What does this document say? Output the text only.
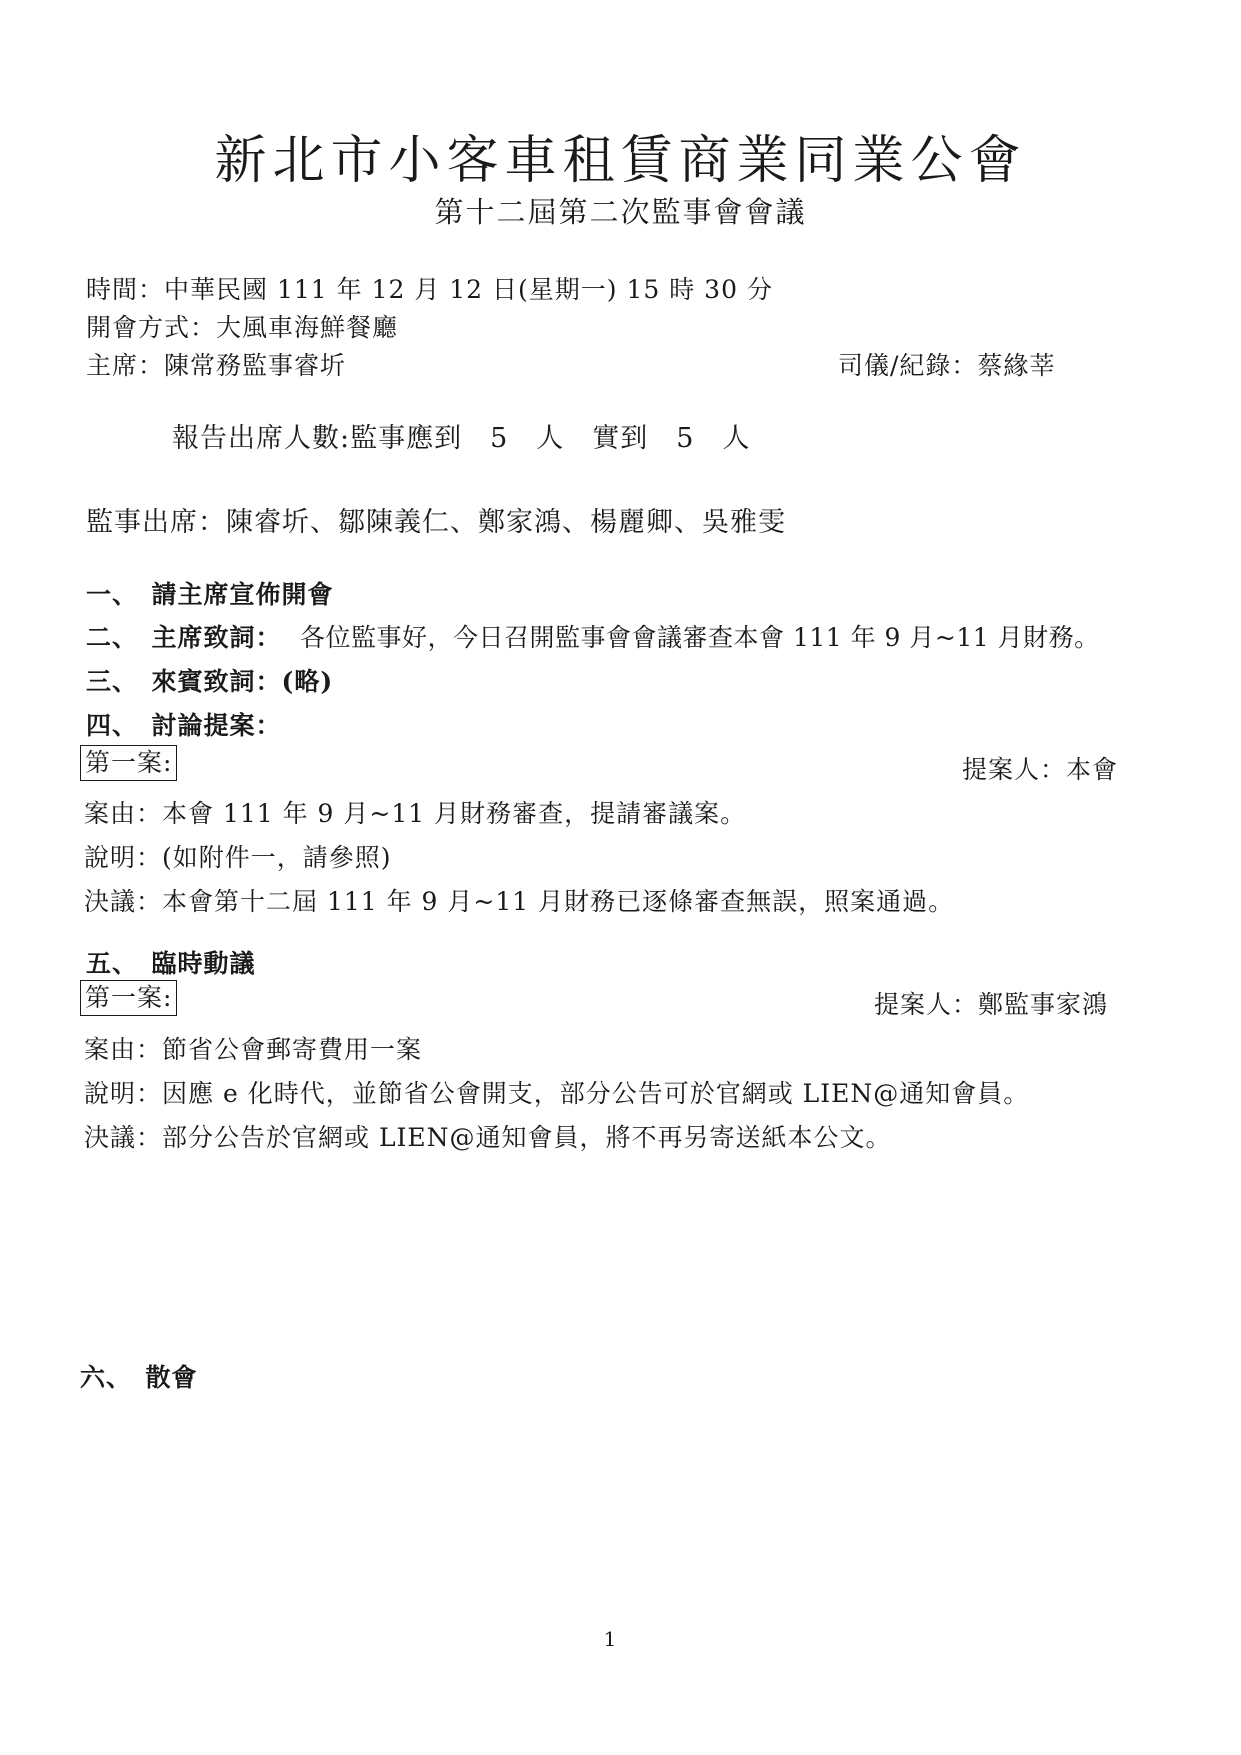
新北市小客車租賃商業同業公會
第十二屆第二次監事會會議
時間：中華民國 111 年 12 月 12 日(星期一) 15 時 30 分
開會方式：大風車海鮮餐廳
主席：陳常務監事睿圻	司儀/紀錄：蔡緣莘
報告出席人數:監事應到　5　人　實到　5　人
監事出席：陳睿圻、鄒陳義仁、鄭家鴻、楊麗卿、吳雅雯
一、　請主席宣佈開會
二、　主席致詞： 各位監事好，今日召開監事會會議審查本會 111 年 9 月~11 月財務。
三、　來賓致詞：(略)
四、　討論提案：
第一案:	提案人：本會
案由：本會 111 年 9 月~11 月財務審查，提請審議案。
說明：(如附件一，請參照)
決議：本會第十二屆 111 年 9 月~11 月財務已逐條審查無誤，照案通過。
五、　臨時動議
第一案:	提案人：鄭監事家鴻
案由：節省公會郵寄費用一案
說明：因應 e 化時代，並節省公會開支，部分公告可於官網或 LIEN@通知會員。
決議：部分公告於官網或 LIEN@通知會員，將不再另寄送紙本公文。
六、　散會
1
